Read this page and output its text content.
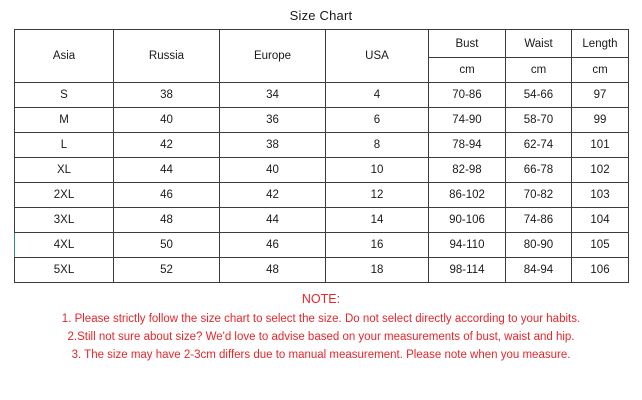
Size Chart
Asia	Russia	Europe	USA	Bust	Waist	Length
				cm	cm	cm
S	38	34	4	70-86	54-66	97
M	40	36	6	74-90	58-70	99
L	42	38	8	78-94	62-74	101
XL	44	40	10	82-98	66-78	102
2XL	46	42	12	86-102	70-82	103
3XL	48	44	14	90-106	74-86	104
4XL	50	46	16	94-110	80-90	105
5XL	52	48	18	98-114	84-94	106
NOTE:
1. Please strictly follow the size chart to select the size. Do not select directly according to your habits.
2.Still not sure about size? We'd love to advise based on your measurements of bust, waist and hip.
3. The size may have 2-3cm differs due to manual measurement. Please note when you measure.
